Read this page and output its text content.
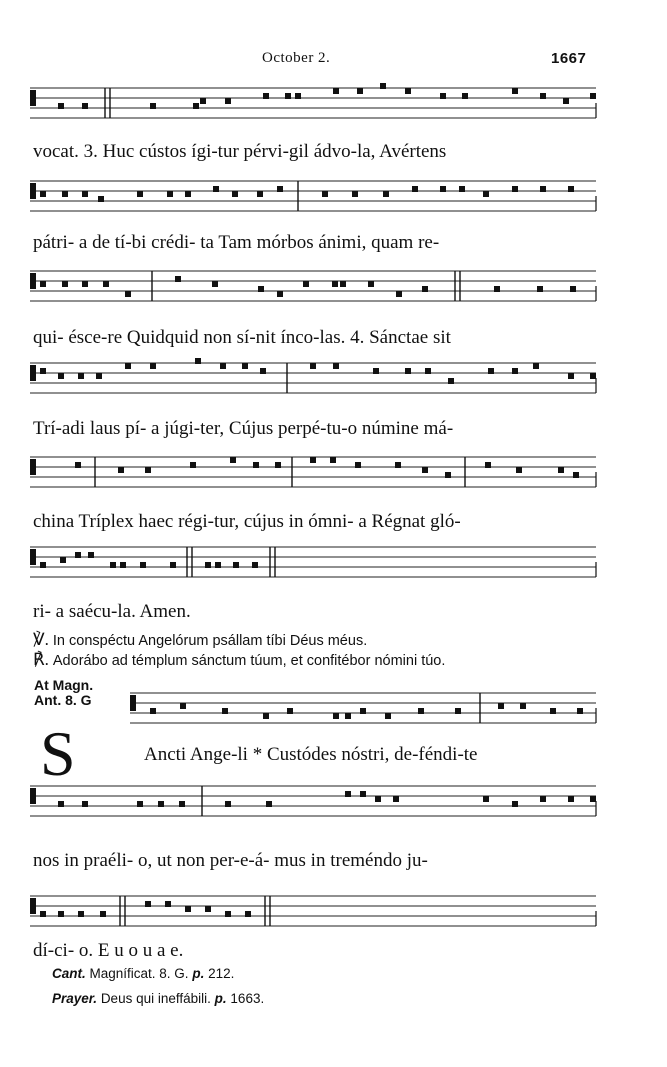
October 2.	1667
vocat. 3. Huc cústos ígi-tur pérvi-gil ádvo-la, Avértens
pátri- a de tí-bi crédi- ta Tam mórbos ánimi, quam re-
qui- ésce-re Quidquid non sí-nit ínco-las. 4. Sánctae sit
Trí-adi laus pí- a júgi-ter, Cújus perpé-tu-o númine má-
china Tríplex haec régi-tur, cújus in ómni- a Régnat gló-
ri- a saécu-la. Amen.
℣. In conspéctu Angelórum psállam tíbi Déus méus.
℟. Adorábo ad témplum sánctum túum, et confitébor nómini túo.
At Magn.
Ant. 8. G
S	Ancti Ange-li * Custódes nóstri, de-féndi-te
nos in praéli- o, ut non per-e-á- mus in treméndo ju-
dí-ci- o. E u o u a e.
Cant. Magníficat. 8. G. p. 212.
Prayer. Deus qui ineffábili. p. 1663.
